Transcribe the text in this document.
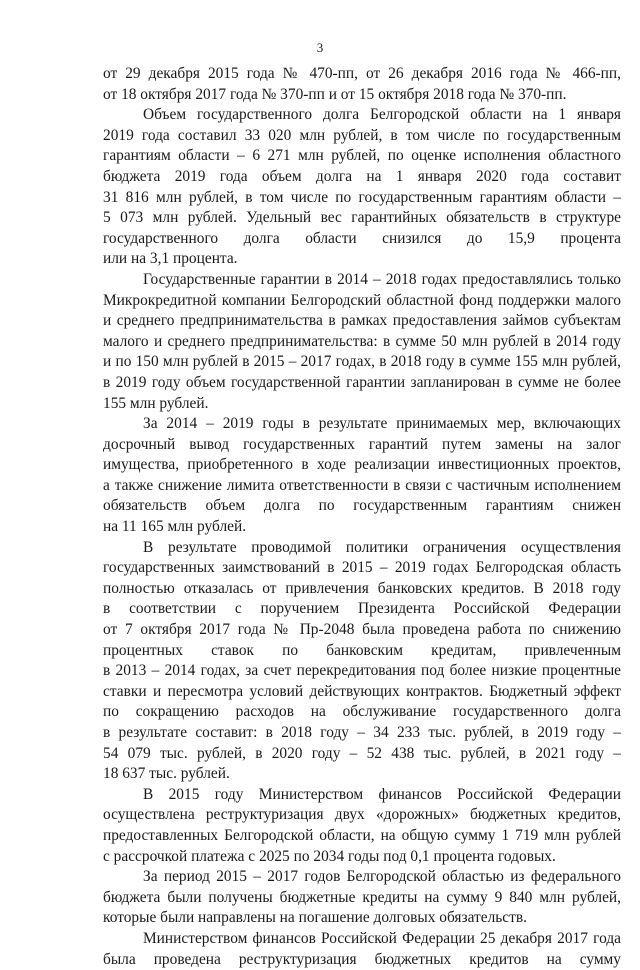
3
от 29 декабря 2015 года № 470-пп, от 26 декабря 2016 года № 466-пп,
от 18 октября 2017 года № 370-пп и от 15 октября 2018 года № 370-пп.
Объем государственного долга Белгородской области на 1 января
2019 года составил 33 020 млн рублей, в том числе по государственным
гарантиям области – 6 271 млн рублей, по оценке исполнения областного
бюджета 2019 года объем долга на 1 января 2020 года составит
31 816 млн рублей, в том числе по государственным гарантиям области –
5 073 млн рублей. Удельный вес гарантийных обязательств в структуре
государственного долга области снизился до 15,9 процента
или на 3,1 процента.
Государственные гарантии в 2014 – 2018 годах предоставлялись только
Микрокредитной компании Белгородский областной фонд поддержки малого
и среднего предпринимательства в рамках предоставления займов субъектам
малого и среднего предпринимательства: в сумме 50 млн рублей в 2014 году
и по 150 млн рублей в 2015 – 2017 годах, в 2018 году в сумме 155 млн рублей,
в 2019 году объем государственной гарантии запланирован в сумме не более
155 млн рублей.
За 2014 – 2019 годы в результате принимаемых мер, включающих
досрочный вывод государственных гарантий путем замены на залог
имущества, приобретенного в ходе реализации инвестиционных проектов,
а также снижение лимита ответственности в связи с частичным исполнением
обязательств объем долга по государственным гарантиям снижен
на 11 165 млн рублей.
В результате проводимой политики ограничения осуществления
государственных заимствований в 2015 – 2019 годах Белгородская область
полностью отказалась от привлечения банковских кредитов. В 2018 году
в соответствии с поручением Президента Российской Федерации
от 7 октября 2017 года № Пр-2048 была проведена работа по снижению
процентных ставок по банковским кредитам, привлеченным
в 2013 – 2014 годах, за счет перекредитования под более низкие процентные
ставки и пересмотра условий действующих контрактов. Бюджетный эффект
по сокращению расходов на обслуживание государственного долга
в результате составит: в 2018 году – 34 233 тыс. рублей, в 2019 году –
54 079 тыс. рублей, в 2020 году – 52 438 тыс. рублей, в 2021 году –
18 637 тыс. рублей.
В 2015 году Министерством финансов Российской Федерации
осуществлена реструктуризация двух «дорожных» бюджетных кредитов,
предоставленных Белгородской области, на общую сумму 1 719 млн рублей
с рассрочкой платежа с 2025 по 2034 годы под 0,1 процента годовых.
За период 2015 – 2017 годов Белгородской областью из федерального
бюджета были получены бюджетные кредиты на сумму 9 840 млн рублей,
которые были направлены на погашение долговых обязательств.
Министерством финансов Российской Федерации 25 декабря 2017 года
была проведена реструктуризация бюджетных кредитов на сумму
